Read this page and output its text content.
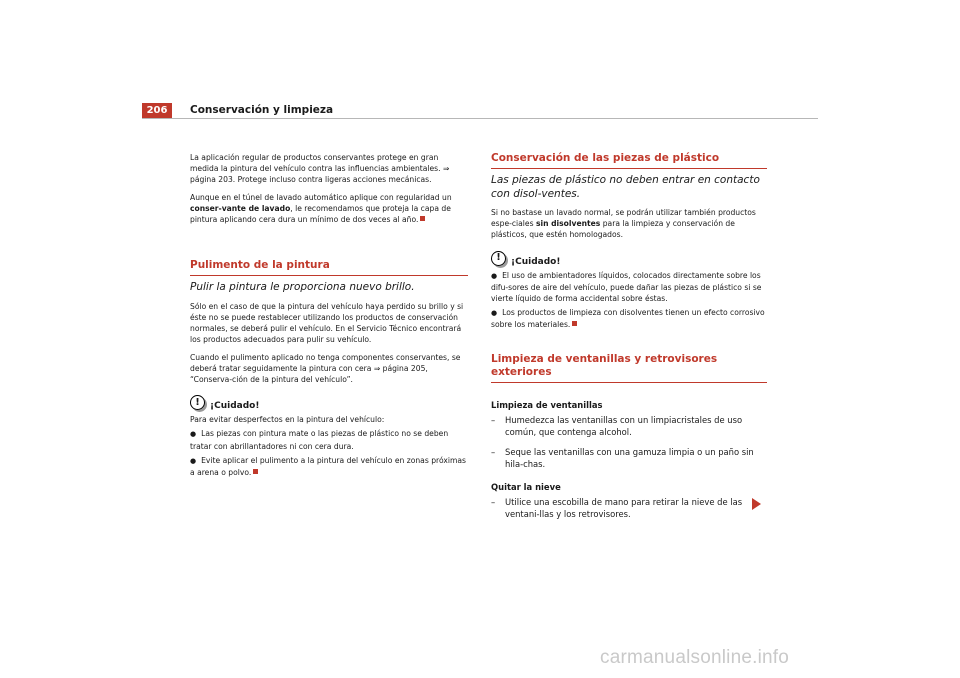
206	Conservación y limpieza

La aplicación regular de productos conservantes protege en gran medida la pintura del vehículo contra las influencias ambientales. ⇒ página 203. Protege incluso contra ligeras acciones mecánicas.

Aunque en el túnel de lavado automático aplique con regularidad un conser-vante de lavado, le recomendamos que proteja la capa de pintura aplicando cera dura un mínimo de dos veces al año.

Pulimento de la pintura
Pulir la pintura le proporciona nuevo brillo.

Sólo en el caso de que la pintura del vehículo haya perdido su brillo y si éste no se puede restablecer utilizando los productos de conservación normales, se deberá pulir el vehículo. En el Servicio Técnico encontrará los productos adecuados para pulir su vehículo.

Cuando el pulimento aplicado no tenga componentes conservantes, se deberá tratar seguidamente la pintura con cera ⇒ página 205, “Conserva-ción de la pintura del vehículo”.

!	¡Cuidado!

Para evitar desperfectos en la pintura del vehículo:

● Las piezas con pintura mate o las piezas de plástico no se deben tratar con abrillantadores ni con cera dura.
● Evite aplicar el pulimento a la pintura del vehículo en zonas próximas a arena o polvo.
Conservación de las piezas de plástico
Las piezas de plástico no deben entrar en contacto con disol-ventes.

Si no bastase un lavado normal, se podrán utilizar también productos espe-ciales sin disolventes para la limpieza y conservación de plásticos, que estén homologados.

!	¡Cuidado!
● El uso de ambientadores líquidos, colocados directamente sobre los difu-sores de aire del vehículo, puede dañar las piezas de plástico si se vierte líquido de forma accidental sobre éstas.
● Los productos de limpieza con disolventes tienen un efecto corrosivo sobre los materiales.
Limpieza de ventanillas y retrovisores exteriores
Limpieza de ventanillas
–	Humedezca las ventanillas con un limpiacristales de uso común, que contenga alcohol.
–	Seque las ventanillas con una gamuza limpia o un paño sin hila-chas.
Quitar la nieve
–	Utilice una escobilla de mano para retirar la nieve de las ventani-llas y los retrovisores.
carmanualsonline.info
